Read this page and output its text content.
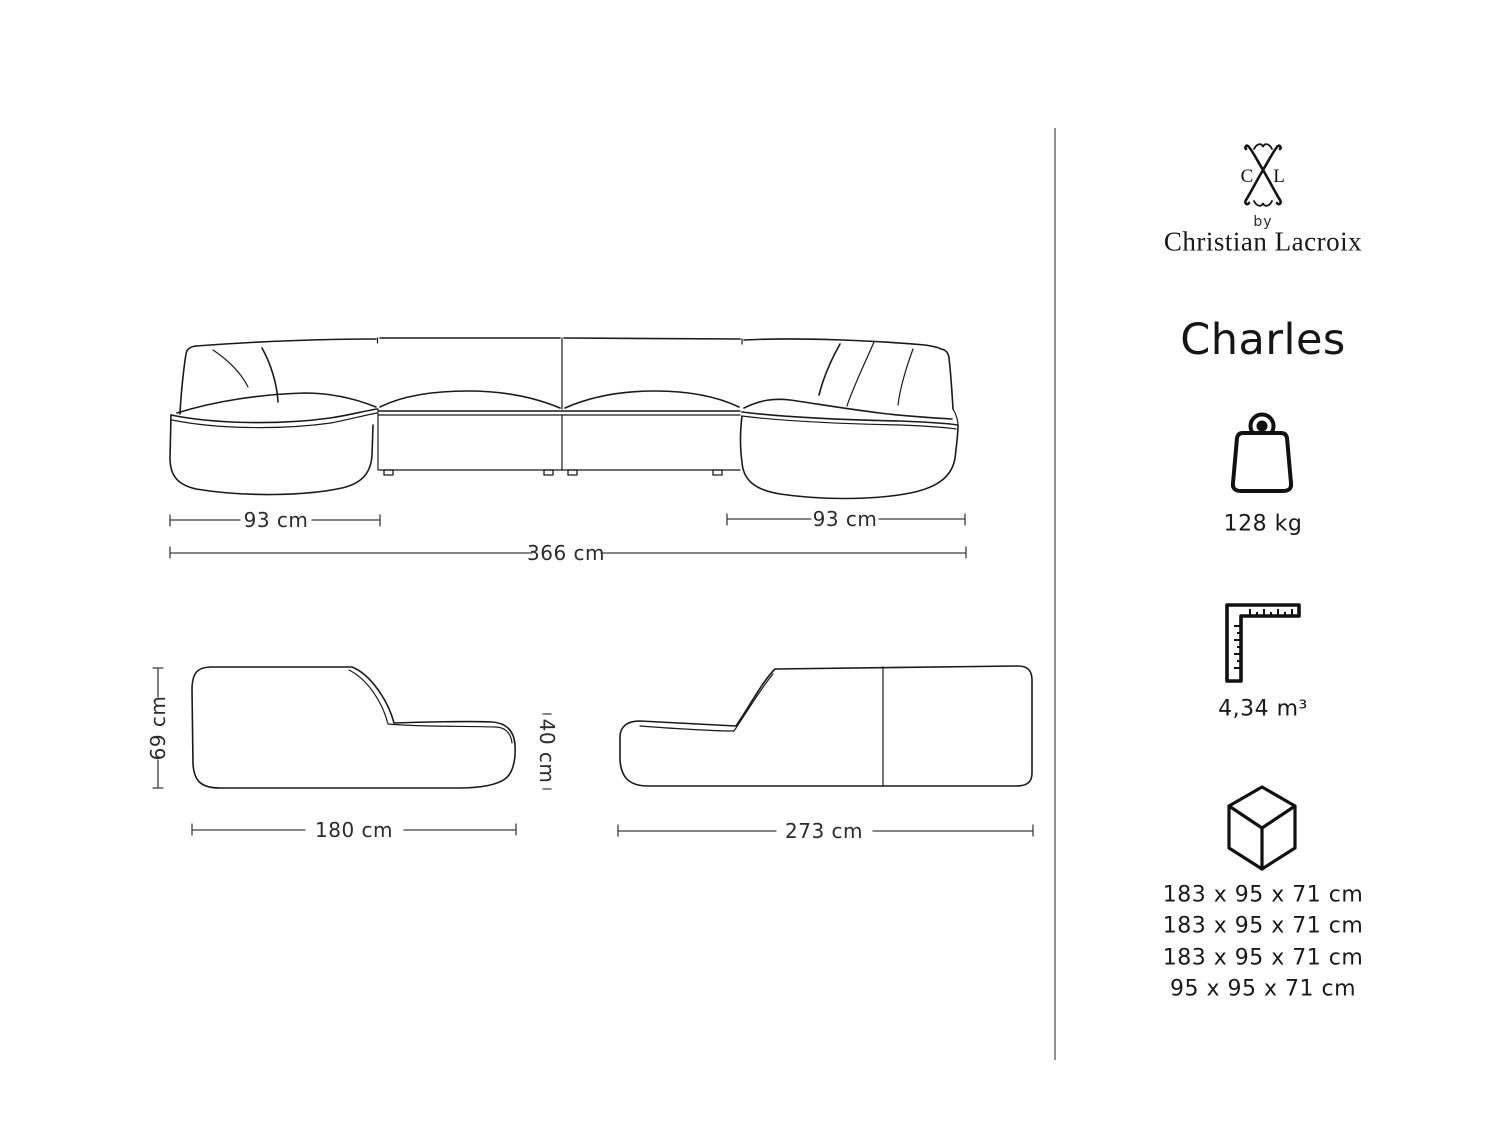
C L
93 cm	93 cm
366 cm
69 cm	40 cm
180 cm	273 cm
by
Christian Lacroix
Charles
128 kg
4,34 m³
183 x 95 x 71 cm
183 x 95 x 71 cm
183 x 95 x 71 cm
95 x 95 x 71 cm
